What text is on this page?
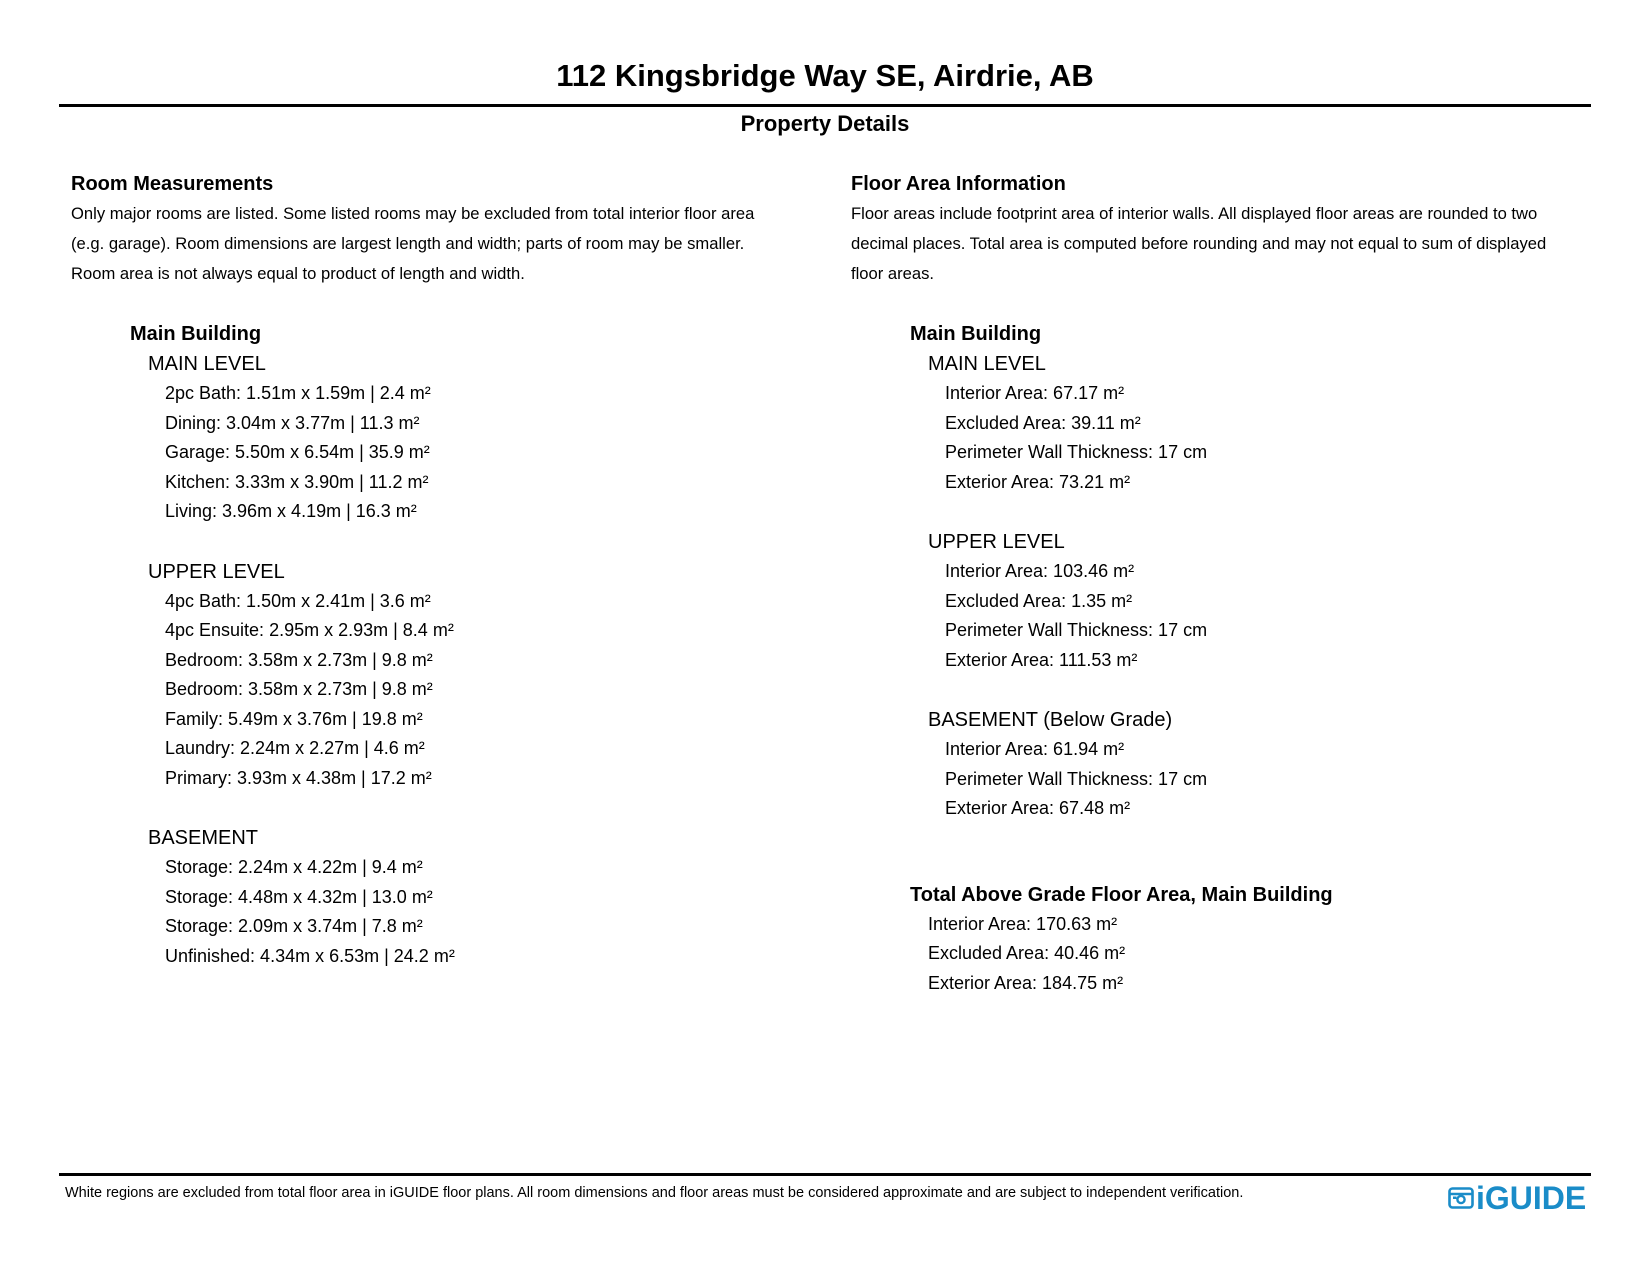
112 Kingsbridge Way SE, Airdrie, AB
Property Details
Room Measurements
Only major rooms are listed. Some listed rooms may be excluded from total interior floor area
(e.g. garage). Room dimensions are largest length and width; parts of room may be smaller.
Room area is not always equal to product of length and width.
Main Building
MAIN LEVEL
2pc Bath: 1.51m x 1.59m | 2.4 m²
Dining: 3.04m x 3.77m | 11.3 m²
Garage: 5.50m x 6.54m | 35.9 m²
Kitchen: 3.33m x 3.90m | 11.2 m²
Living: 3.96m x 4.19m | 16.3 m²
UPPER LEVEL
4pc Bath: 1.50m x 2.41m | 3.6 m²
4pc Ensuite: 2.95m x 2.93m | 8.4 m²
Bedroom: 3.58m x 2.73m | 9.8 m²
Bedroom: 3.58m x 2.73m | 9.8 m²
Family: 5.49m x 3.76m | 19.8 m²
Laundry: 2.24m x 2.27m | 4.6 m²
Primary: 3.93m x 4.38m | 17.2 m²
BASEMENT
Storage: 2.24m x 4.22m | 9.4 m²
Storage: 4.48m x 4.32m | 13.0 m²
Storage: 2.09m x 3.74m | 7.8 m²
Unfinished: 4.34m x 6.53m | 24.2 m²
Floor Area Information
Floor areas include footprint area of interior walls. All displayed floor areas are rounded to two
decimal places. Total area is computed before rounding and may not equal to sum of displayed
floor areas.
Main Building
MAIN LEVEL
Interior Area: 67.17 m²
Excluded Area: 39.11 m²
Perimeter Wall Thickness: 17 cm
Exterior Area: 73.21 m²
UPPER LEVEL
Interior Area: 103.46 m²
Excluded Area: 1.35 m²
Perimeter Wall Thickness: 17 cm
Exterior Area: 111.53 m²
BASEMENT (Below Grade)
Interior Area: 61.94 m²
Perimeter Wall Thickness: 17 cm
Exterior Area: 67.48 m²
Total Above Grade Floor Area, Main Building
Interior Area: 170.63 m²
Excluded Area: 40.46 m²
Exterior Area: 184.75 m²
White regions are excluded from total floor area in iGUIDE floor plans. All room dimensions and floor areas must be considered approximate and are subject to independent verification.	iGUIDE
